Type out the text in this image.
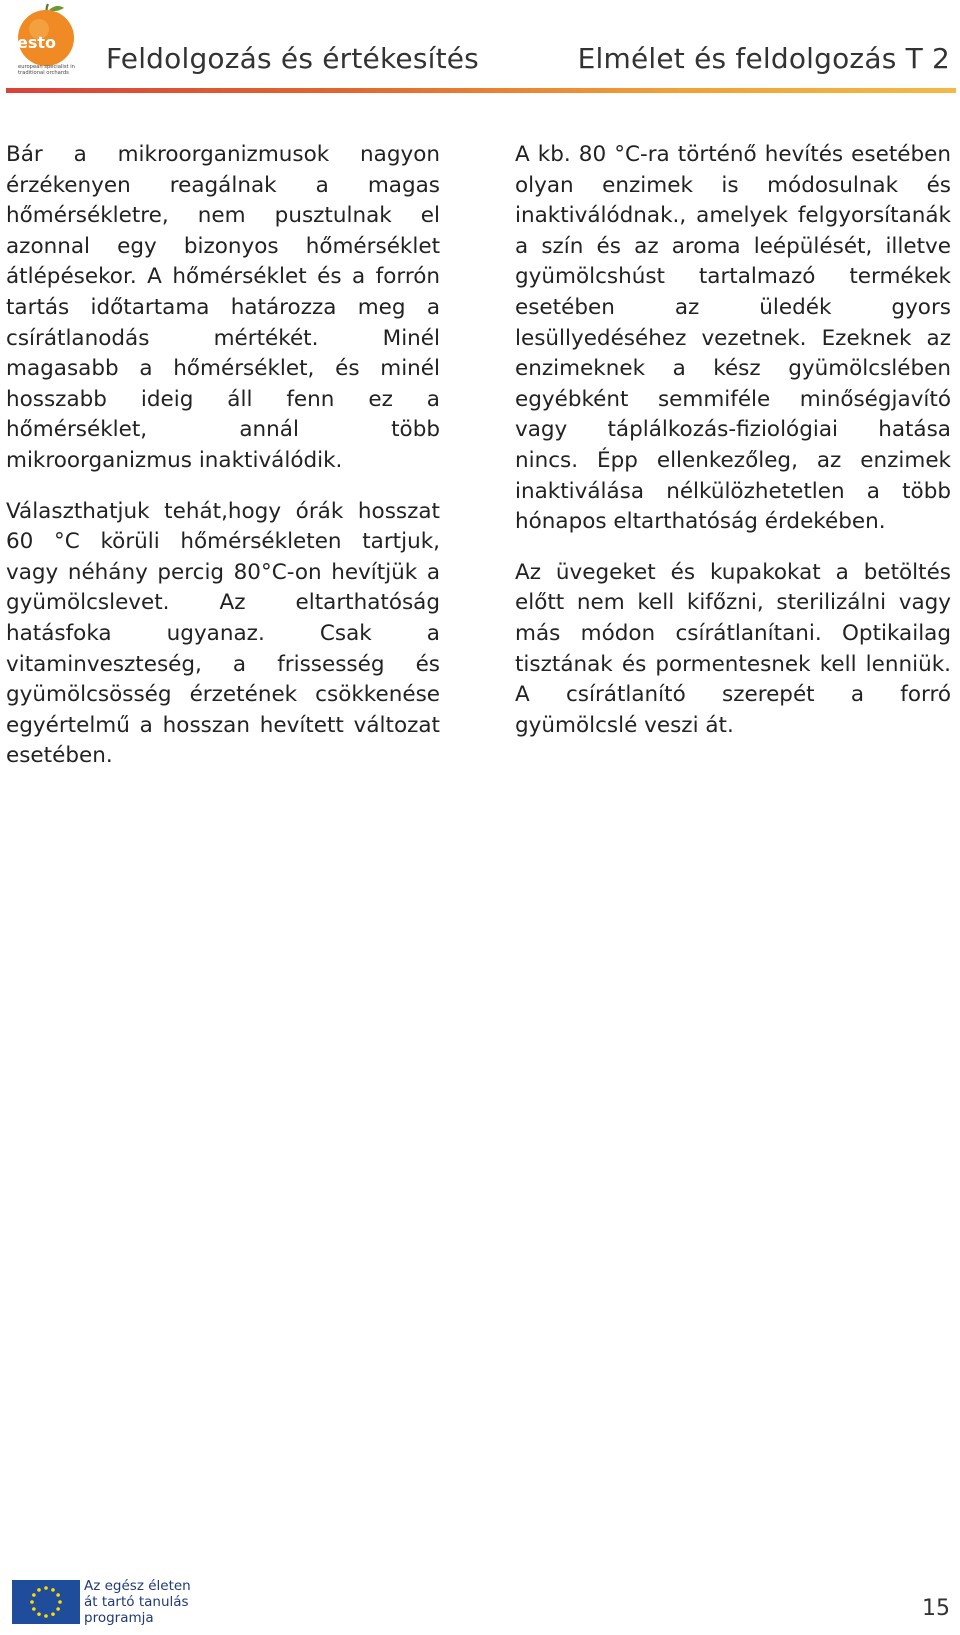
esto
european specialist in
traditional orchards Feldolgozás és értékesítés	Elmélet és feldolgozás T 2

Bár a mikroorganizmusok nagyon érzékenyen reagálnak a magas hőmérsékletre, nem pusztulnak el azonnal egy bizonyos hőmérséklet átlépésekor. A hőmérséklet és a forrón tartás időtartama határozza meg a csírátlanodás mértékét. Minél magasabb a hőmérséklet, és minél hosszabb ideig áll fenn ez a hőmérséklet, annál több mikroorganizmus inaktiválódik.

Választhatjuk tehát,hogy órák hosszat 60 °C körüli hőmérsékleten tartjuk, vagy néhány percig 80°C-on hevítjük a gyümölcslevet. Az eltarthatóság hatásfoka ugyanaz. Csak a vitaminveszteség, a frissesség és gyümölcsösség érzetének csökkenése egyértelmű a hosszan hevített változat esetében.

A kb. 80 °C-ra történő hevítés esetében olyan enzimek is módosulnak és inaktiválódnak., amelyek felgyorsítanák a szín és az aroma leépülését, illetve gyümölcshúst tartalmazó termékek esetében az üledék gyors lesüllyedéséhez vezetnek. Ezeknek az enzimeknek a kész gyümölcslében egyébként semmiféle minőségjavító vagy táplálkozás-fiziológiai hatása nincs. Épp ellenkezőleg, az enzimek inaktiválása nélkülözhetetlen a több hónapos eltarthatóság érdekében.

Az üvegeket és kupakokat a betöltés előtt nem kell kifőzni, sterilizálni vagy más módon csírátlanítani. Optikailag tisztának és pormentesnek kell lenniük. A csírátlanító szerepét a forró gyümölcslé veszi át.

Az egész életen
át tartó tanulás
programja	15
